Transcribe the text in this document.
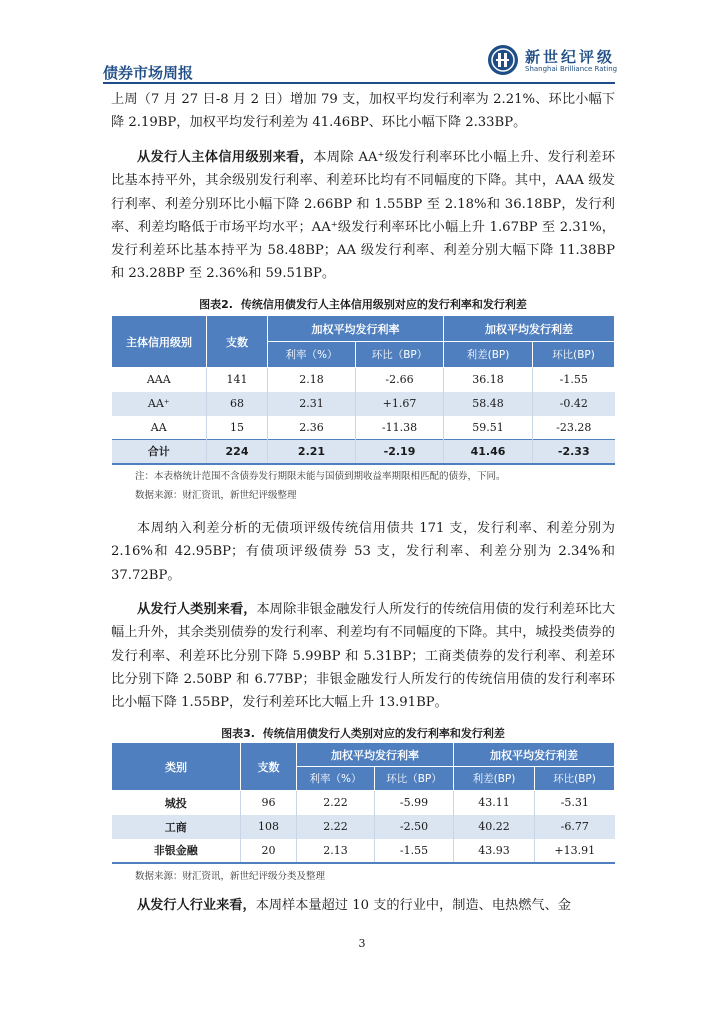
债券市场周报
新世纪评级
Shanghai Brilliance Rating

上周（7 月 27 日-8 月 2 日）增加 79 支，加权平均发行利率为 2.21%、环比小幅下降 2.19BP，加权平均发行利差为 41.46BP、环比小幅下降 2.33BP。

从发行人主体信用级别来看，本周除 AA⁺级发行利率环比小幅上升、发行利差环比基本持平外，其余级别发行利率、利差环比均有不同幅度的下降。其中，AAA 级发行利率、利差分别环比小幅下降 2.66BP 和 1.55BP 至 2.18%和 36.18BP，发行利率、利差均略低于市场平均水平；AA⁺级发行利率环比小幅上升 1.67BP 至 2.31%，发行利差环比基本持平为 58.48BP；AA 级发行利率、利差分别大幅下降 11.38BP 和 23.28BP 至 2.36%和 59.51BP。

图表2. 传统信用债发行人主体信用级别对应的发行利率和发行利差
主体信用级别	支数	加权平均发行利率		加权平均发行利差	
		利率（%）	环比（BP）	利差(BP)	环比(BP)
AAA	141	2.18	-2.66	36.18	-1.55
AA⁺	68	2.31	+1.67	58.48	-0.42
AA	15	2.36	-11.38	59.51	-23.28
合计	224	2.21	-2.19	41.46	-2.33
注：本表格统计范围不含债券发行期限未能与国债到期收益率期限相匹配的债券，下同。
数据来源：财汇资讯，新世纪评级整理

本周纳入利差分析的无债项评级传统信用债共 171 支，发行利率、利差分别为 2.16%和 42.95BP；有债项评级债券 53 支，发行利率、利差分别为 2.34%和 37.72BP。

从发行人类别来看，本周除非银金融发行人所发行的传统信用债的发行利差环比大幅上升外，其余类别债券的发行利率、利差均有不同幅度的下降。其中，城投类债券的发行利率、利差环比分别下降 5.99BP 和 5.31BP；工商类债券的发行利率、利差环比分别下降 2.50BP 和 6.77BP；非银金融发行人所发行的传统信用债的发行利率环比小幅下降 1.55BP，发行利差环比大幅上升 13.91BP。

图表3. 传统信用债发行人类别对应的发行利率和发行利差
类别	支数	加权平均发行利率		加权平均发行利差	
		利率（%）	环比（BP）	利差(BP)	环比(BP)
城投	96	2.22	-5.99	43.11	-5.31
工商	108	2.22	-2.50	40.22	-6.77
非银金融	20	2.13	-1.55	43.93	+13.91
数据来源：财汇资讯，新世纪评级分类及整理

从发行人行业来看，本周样本量超过 10 支的行业中，制造、电热燃气、金

3
